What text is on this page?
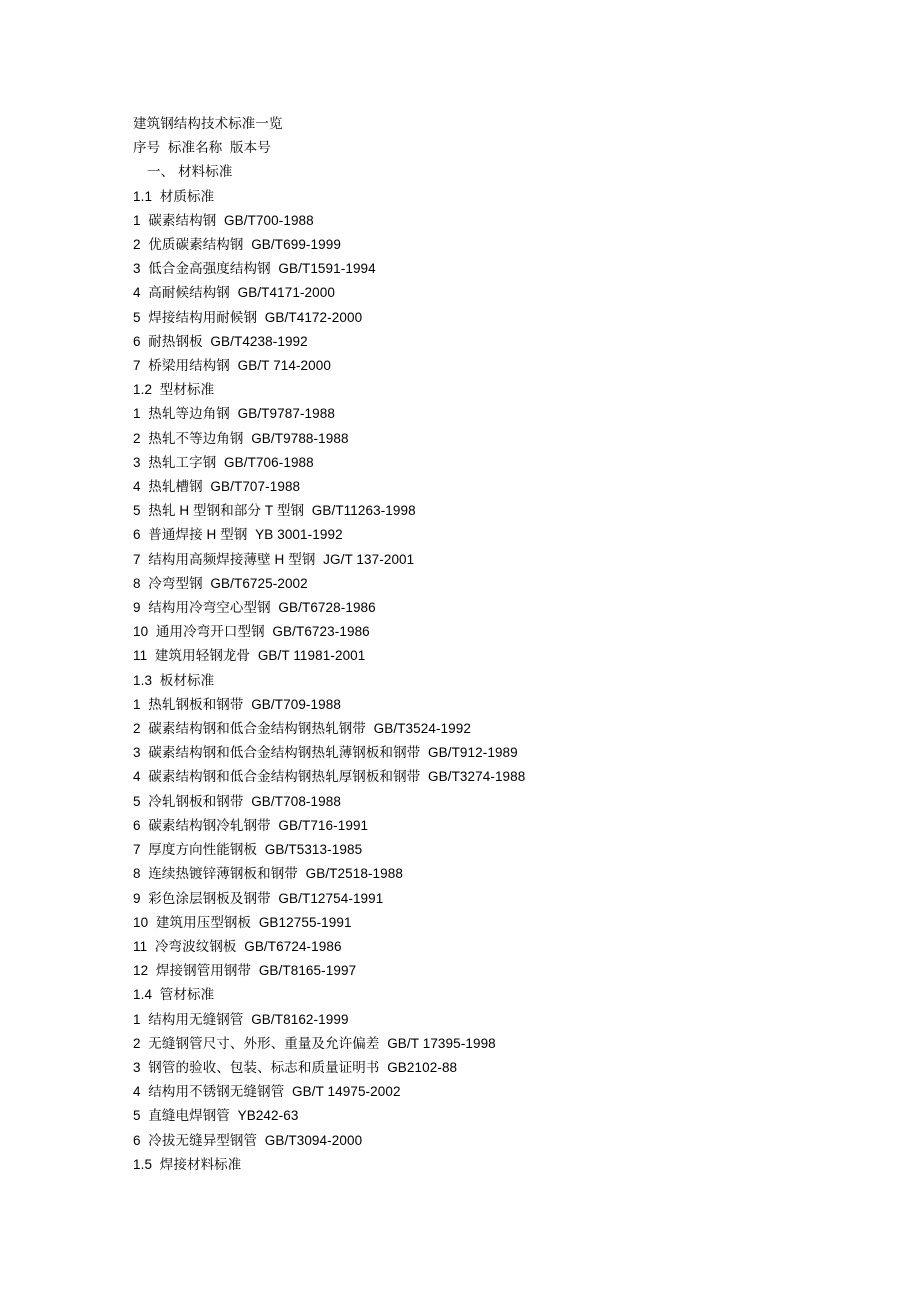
建筑钢结构技术标准一览
序号  标准名称  版本号
一、 材料标准
1.1  材质标准
1  碳素结构钢  GB/T700-1988
2  优质碳素结构钢  GB/T699-1999
3  低合金高强度结构钢  GB/T1591-1994
4  高耐候结构钢  GB/T4171-2000
5  焊接结构用耐候钢  GB/T4172-2000
6  耐热钢板  GB/T4238-1992
7  桥梁用结构钢  GB/T 714-2000
1.2  型材标准
1  热轧等边角钢  GB/T9787-1988
2  热轧不等边角钢  GB/T9788-1988
3  热轧工字钢  GB/T706-1988
4  热轧槽钢  GB/T707-1988
5  热轧 H 型钢和部分 T 型钢  GB/T11263-1998
6  普通焊接 H 型钢  YB 3001-1992
7  结构用高频焊接薄壁 H 型钢  JG/T 137-2001
8  冷弯型钢  GB/T6725-2002
9  结构用冷弯空心型钢  GB/T6728-1986
10  通用冷弯开口型钢  GB/T6723-1986
11  建筑用轻钢龙骨  GB/T 11981-2001
1.3  板材标准
1  热轧钢板和钢带  GB/T709-1988
2  碳素结构钢和低合金结构钢热轧钢带  GB/T3524-1992
3  碳素结构钢和低合金结构钢热轧薄钢板和钢带  GB/T912-1989
4  碳素结构钢和低合金结构钢热轧厚钢板和钢带  GB/T3274-1988
5  冷轧钢板和钢带  GB/T708-1988
6  碳素结构钢冷轧钢带  GB/T716-1991
7  厚度方向性能钢板  GB/T5313-1985
8  连续热镀锌薄钢板和钢带  GB/T2518-1988
9  彩色涂层钢板及钢带  GB/T12754-1991
10  建筑用压型钢板  GB12755-1991
11  冷弯波纹钢板  GB/T6724-1986
12  焊接钢管用钢带  GB/T8165-1997
1.4  管材标准
1  结构用无缝钢管  GB/T8162-1999
2  无缝钢管尺寸、外形、重量及允许偏差  GB/T 17395-1998
3  钢管的验收、包装、标志和质量证明书  GB2102-88
4  结构用不锈钢无缝钢管  GB/T 14975-2002
5  直缝电焊钢管  YB242-63
6  冷拔无缝异型钢管  GB/T3094-2000
1.5  焊接材料标准
